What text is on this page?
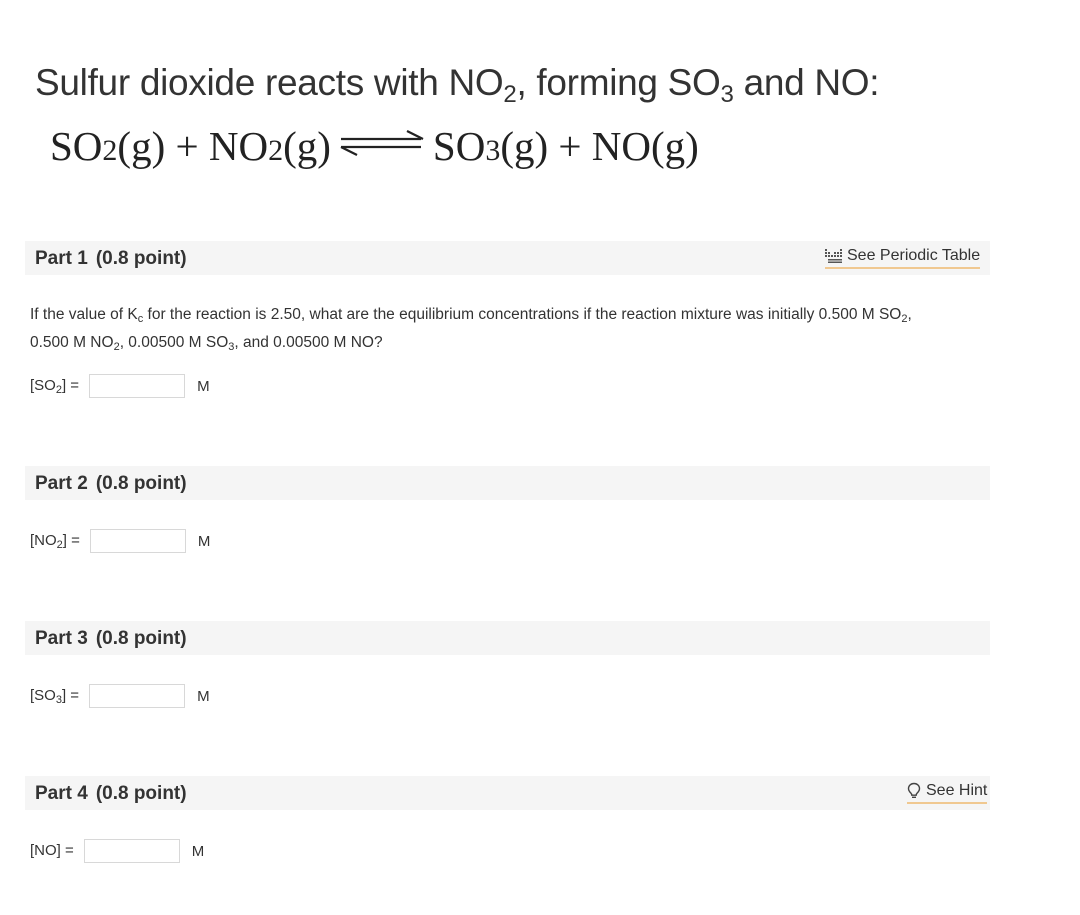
Sulfur dioxide reacts with $NO_2$, forming $SO_3$ and NO:
SO 2 (g) + NO 2 (g) ⇌ SO 3 (g) + NO (g)
Part 1 (0.8 point)	See Periodic Table
If the value of $K_c$ for the reaction is 2.50, what are the equilibrium concentrations if the reaction mixture was initially 0.500 M $SO_2$,
0.500 M $NO_2$, 0.00500 M $SO_3$, and 0.00500 M NO?
$[SO_2]$ =	M
Part 2 (0.8 point)
$[NO_2]$ =	M
Part 3 (0.8 point)
$[SO_3]$ =	M
Part 4 (0.8 point)	See Hint
[NO] =	M
